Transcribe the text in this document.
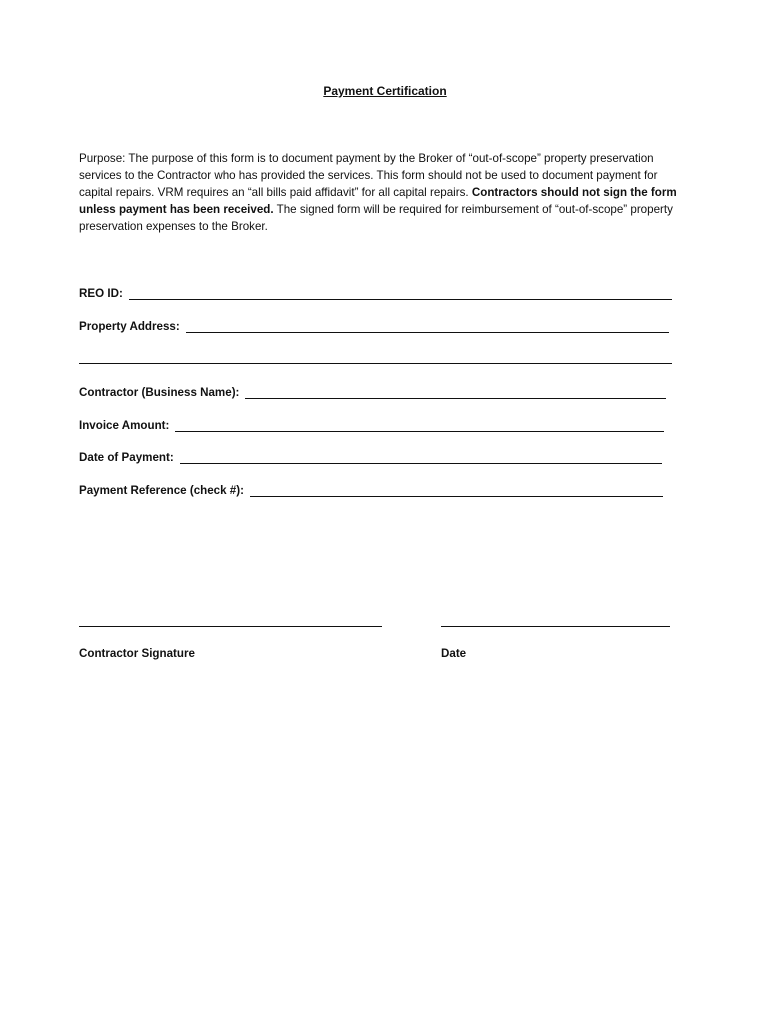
Payment Certification
Purpose: The purpose of this form is to document payment by the Broker of “out-of-scope” property preservation services to the Contractor who has provided the services. This form should not be used to document payment for capital repairs. VRM requires an “all bills paid affidavit” for all capital repairs. Contractors should not sign the form unless payment has been received. The signed form will be required for reimbursement of “out-of-scope” property preservation expenses to the Broker.
REO ID:
Property Address:
Contractor (Business Name):
Invoice Amount:
Date of Payment:
Payment Reference (check #):
Contractor Signature	Date
